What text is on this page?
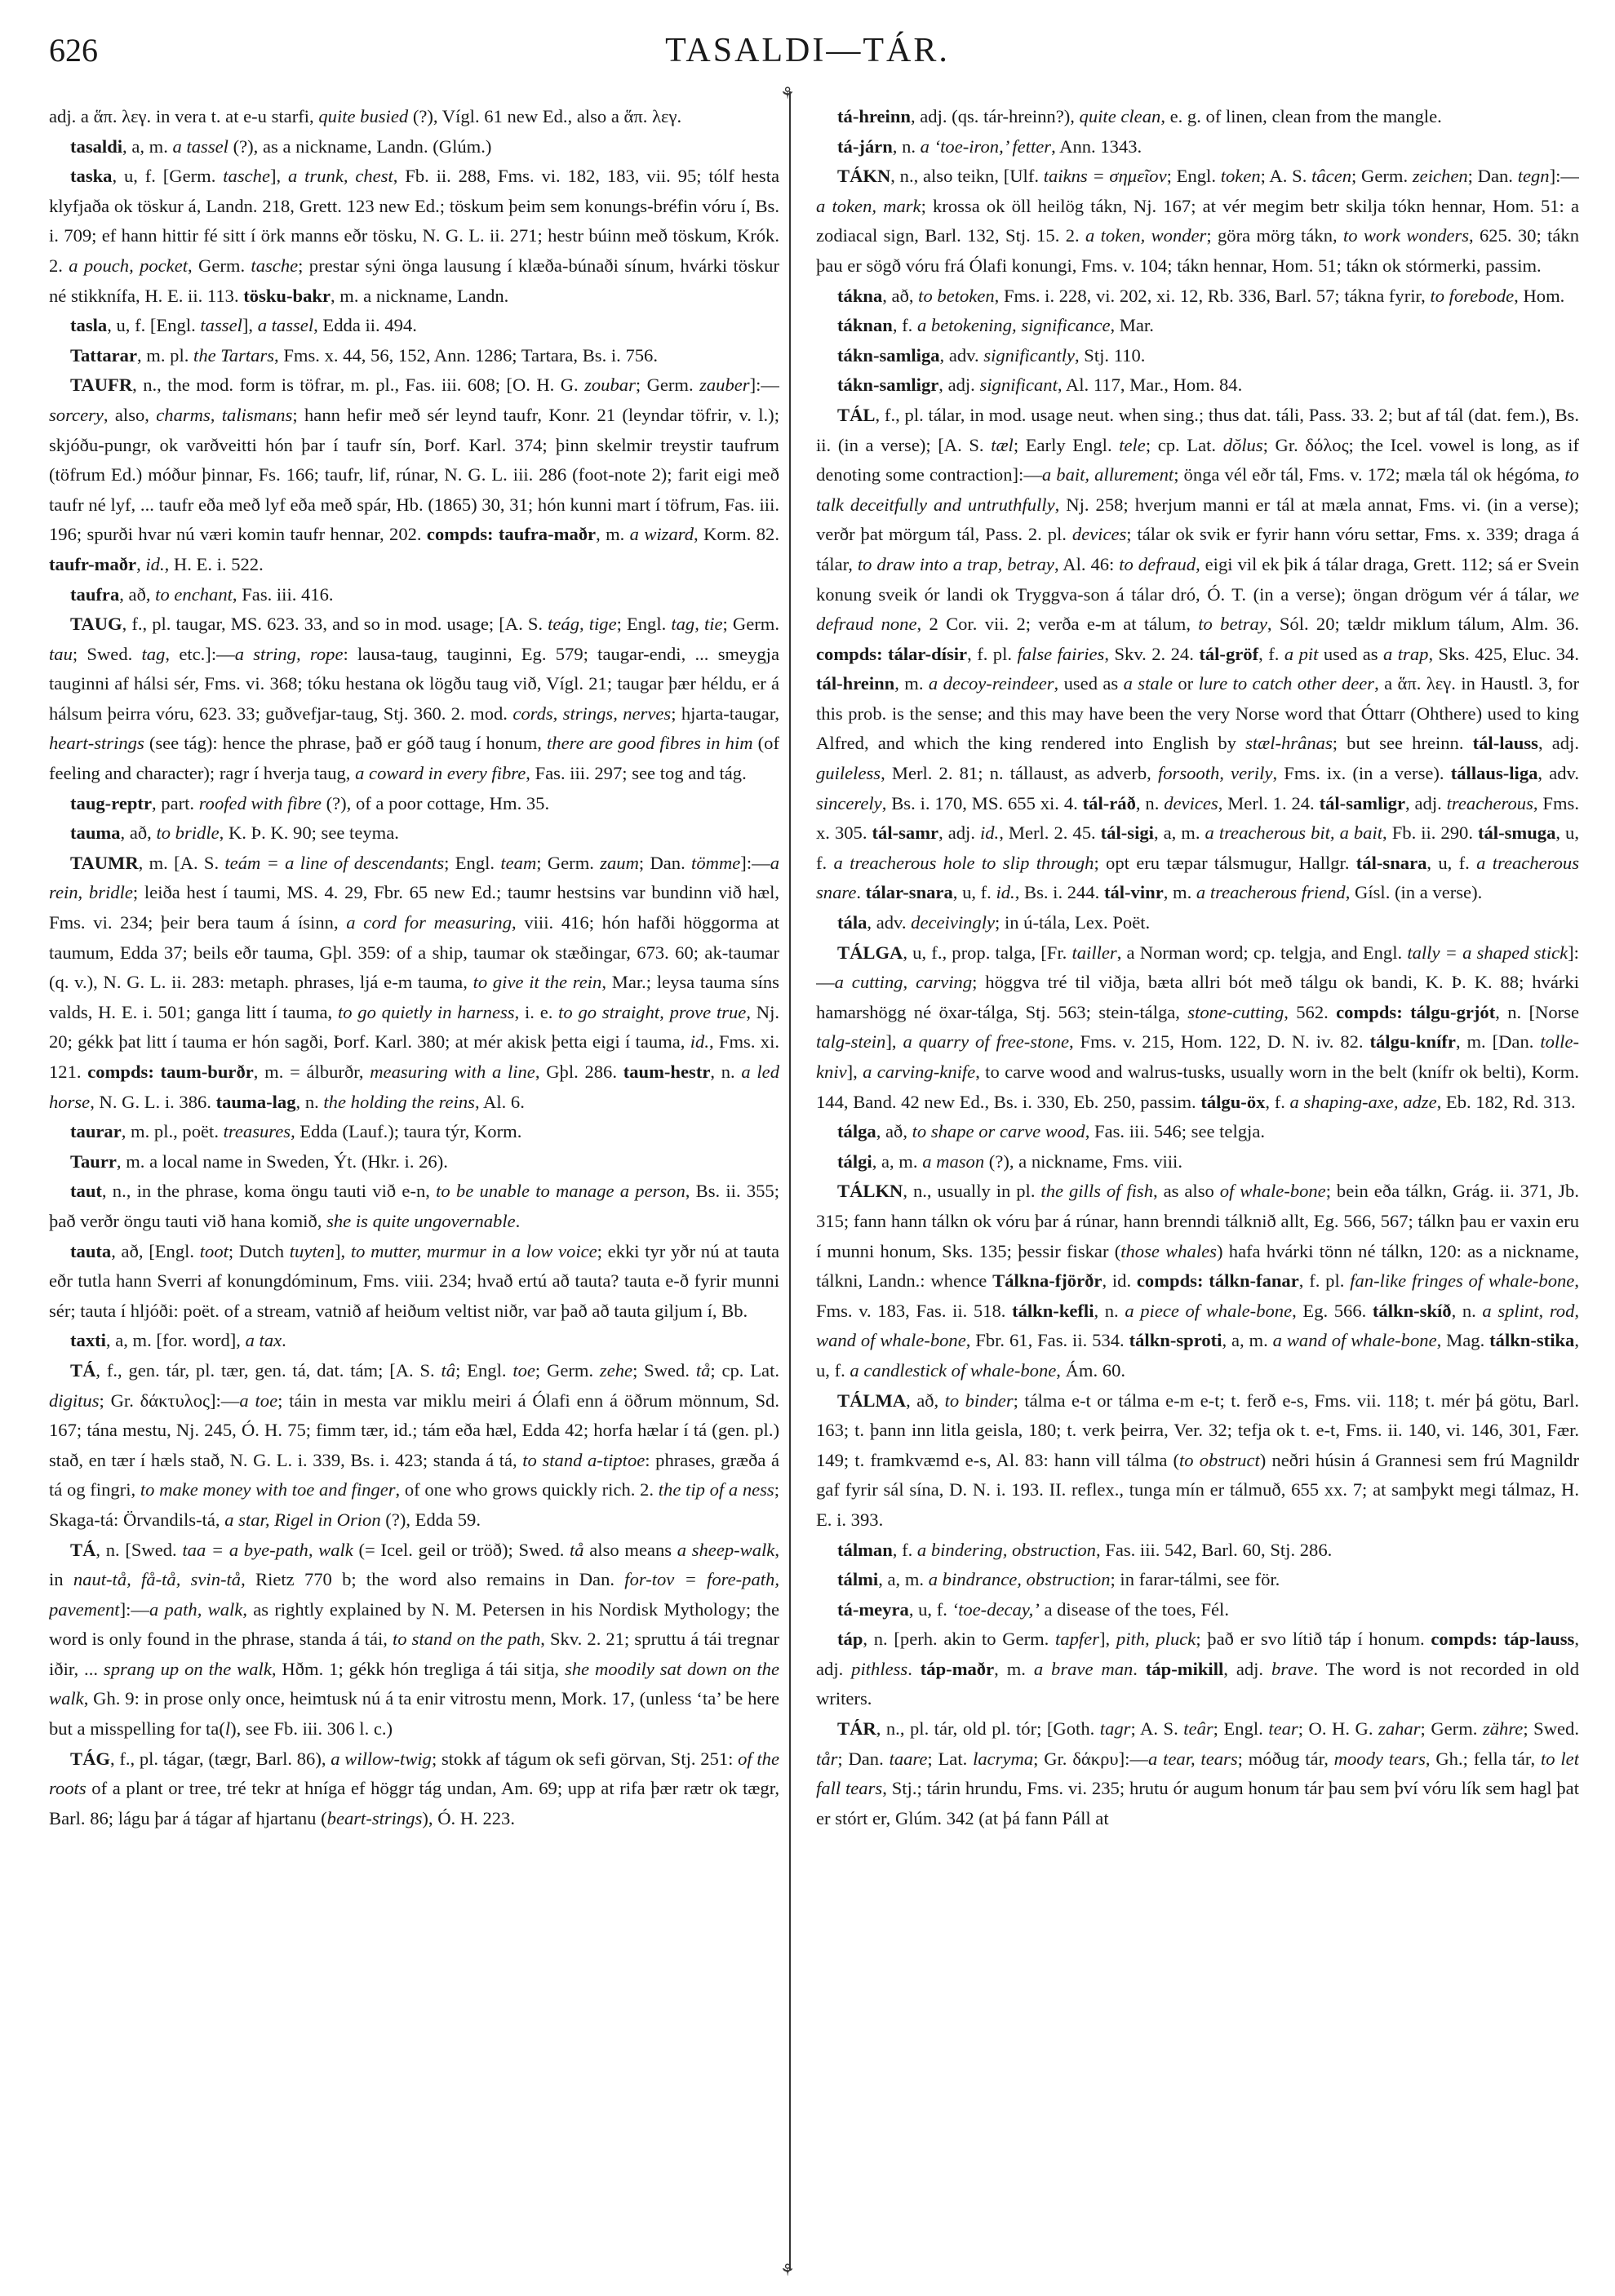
626	TASALDI—TÁR.
⚘
⚘

adj. a ἅπ. λεγ. in vera t. at e-u starfi, quite busied (?), Vígl. 61 new Ed., also a ἅπ. λεγ.

tasaldi, a, m. a tassel (?), as a nickname, Landn. (Glúm.)

taska, u, f. [Germ. tasche], a trunk, chest, Fb. ii. 288, Fms. vi. 182, 183, vii. 95; tólf hesta klyfjaða ok töskur á, Landn. 218, Grett. 123 new Ed.; töskum þeim sem konungs-bréfin vóru í, Bs. i. 709; ef hann hittir fé sitt í örk manns eðr tösku, N. G. L. ii. 271; hestr búinn með töskum, Krók. 2. a pouch, pocket, Germ. tasche; prestar sýni önga lausung í klæða-búnaði sínum, hvárki töskur né stikknífa, H. E. ii. 113. tösku-bakr, m. a nickname, Landn.

tasla, u, f. [Engl. tassel], a tassel, Edda ii. 494.

Tattarar, m. pl. the Tartars, Fms. x. 44, 56, 152, Ann. 1286; Tartara, Bs. i. 756.

TAUFR, n., the mod. form is töfrar, m. pl., Fas. iii. 608; [O. H. G. zoubar; Germ. zauber]:—sorcery, also, charms, talismans; hann hefir með sér leynd taufr, Konr. 21 (leyndar töfrir, v. l.); skjóðu-pungr, ok varðveitti hón þar í taufr sín, Þorf. Karl. 374; þinn skelmir treystir taufrum (töfrum Ed.) móður þinnar, Fs. 166; taufr, lif, rúnar, N. G. L. iii. 286 (foot-note 2); farit eigi með taufr né lyf, ... taufr eða með lyf eða með spár, Hb. (1865) 30, 31; hón kunni mart í töfrum, Fas. iii. 196; spurði hvar nú væri komin taufr hennar, 202. compds: taufra-maðr, m. a wizard, Korm. 82. taufr-maðr, id., H. E. i. 522.

taufra, að, to enchant, Fas. iii. 416.

TAUG, f., pl. taugar, MS. 623. 33, and so in mod. usage; [A. S. teág, tige; Engl. tag, tie; Germ. tau; Swed. tag, etc.]:—a string, rope: lausa-taug, tauginni, Eg. 579; taugar-endi, ... smeygja tauginni af hálsi sér, Fms. vi. 368; tóku hestana ok lögðu taug við, Vígl. 21; taugar þær héldu, er á hálsum þeirra vóru, 623. 33; guðvefjar-taug, Stj. 360. 2. mod. cords, strings, nerves; hjarta-taugar, heart-strings (see tág): hence the phrase, það er góð taug í honum, there are good fibres in him (of feeling and character); ragr í hverja taug, a coward in every fibre, Fas. iii. 297; see tog and tág.

taug-reptr, part. roofed with fibre (?), of a poor cottage, Hm. 35.

tauma, að, to bridle, K. Þ. K. 90; see teyma.

TAUMR, m. [A. S. teám = a line of descendants; Engl. team; Germ. zaum; Dan. tömme]:—a rein, bridle; leiða hest í taumi, MS. 4. 29, Fbr. 65 new Ed.; taumr hestsins var bundinn við hæl, Fms. vi. 234; þeir bera taum á ísinn, a cord for measuring, viii. 416; hón hafði höggorma at taumum, Edda 37; beils eðr tauma, Gþl. 359: of a ship, taumar ok stæðingar, 673. 60; ak-taumar (q. v.), N. G. L. ii. 283: metaph. phrases, ljá e-m tauma, to give it the rein, Mar.; leysa tauma síns valds, H. E. i. 501; ganga litt í tauma, to go quietly in harness, i. e. to go straight, prove true, Nj. 20; gékk þat litt í tauma er hón sagði, Þorf. Karl. 380; at mér akisk þetta eigi í tauma, id., Fms. xi. 121. compds: taum-burðr, m. = álburðr, measuring with a line, Gþl. 286. taum-hestr, n. a led horse, N. G. L. i. 386. tauma-lag, n. the holding the reins, Al. 6.

taurar, m. pl., poët. treasures, Edda (Lauf.); taura týr, Korm.

Taurr, m. a local name in Sweden, Ýt. (Hkr. i. 26).

taut, n., in the phrase, koma öngu tauti við e-n, to be unable to manage a person, Bs. ii. 355; það verðr öngu tauti við hana komið, she is quite ungovernable.

tauta, að, [Engl. toot; Dutch tuyten], to mutter, murmur in a low voice; ekki tyr yðr nú at tauta eðr tutla hann Sverri af konungdóminum, Fms. viii. 234; hvað ertú að tauta? tauta e-ð fyrir munni sér; tauta í hljóði: poët. of a stream, vatnið af heiðum veltist niðr, var það að tauta giljum í, Bb.

taxti, a, m. [for. word], a tax.

TÁ, f., gen. tár, pl. tær, gen. tá, dat. tám; [A. S. tâ; Engl. toe; Germ. zehe; Swed. tå; cp. Lat. digitus; Gr. δάκτυλος]:—a toe; táin in mesta var miklu meiri á Ólafi enn á öðrum mönnum, Sd. 167; tána mestu, Nj. 245, Ó. H. 75; fimm tær, id.; tám eða hæl, Edda 42; horfa hælar í tá (gen. pl.) stað, en tær í hæls stað, N. G. L. i. 339, Bs. i. 423; standa á tá, to stand a-tiptoe: phrases, græða á tá og fingri, to make money with toe and finger, of one who grows quickly rich. 2. the tip of a ness; Skaga-tá: Örvandils-tá, a star, Rigel in Orion (?), Edda 59.

TÁ, n. [Swed. taa = a bye-path, walk (= Icel. geil or tröð); Swed. tå also means a sheep-walk, in naut-tå, få-tå, svin-tå, Rietz 770 b; the word also remains in Dan. for-tov = fore-path, pavement]:—a path, walk, as rightly explained by N. M. Petersen in his Nordisk Mythology; the word is only found in the phrase, standa á tái, to stand on the path, Skv. 2. 21; spruttu á tái tregnar iðir, ... sprang up on the walk, Hðm. 1; gékk hón tregliga á tái sitja, she moodily sat down on the walk, Gh. 9: in prose only once, heimtusk nú á ta enir vitrostu menn, Mork. 17, (unless ‘ta’ be here but a misspelling for ta(l), see Fb. iii. 306 l. c.)

TÁG, f., pl. tágar, (tægr, Barl. 86), a willow-twig; stokk af tágum ok sefi görvan, Stj. 251: of the roots of a plant or tree, tré tekr at hníga ef höggr tág undan, Am. 69; upp at rifa þær rætr ok tægr, Barl. 86; lágu þar á tágar af hjartanu (beart-strings), Ó. H. 223.

tá-hreinn, adj. (qs. tár-hreinn?), quite clean, e. g. of linen, clean from the mangle.

tá-járn, n. a ‘toe-iron,’ fetter, Ann. 1343.

TÁKN, n., also teikn, [Ulf. taikns = σημεῖον; Engl. token; A. S. tâcen; Germ. zeichen; Dan. tegn]:—a token, mark; krossa ok öll heilög tákn, Nj. 167; at vér megim betr skilja tókn hennar, Hom. 51: a zodiacal sign, Barl. 132, Stj. 15. 2. a token, wonder; göra mörg tákn, to work wonders, 625. 30; tákn þau er sögð vóru frá Ólafi konungi, Fms. v. 104; tákn hennar, Hom. 51; tákn ok stórmerki, passim.

tákna, að, to betoken, Fms. i. 228, vi. 202, xi. 12, Rb. 336, Barl. 57; tákna fyrir, to forebode, Hom.

táknan, f. a betokening, significance, Mar.

tákn-samliga, adv. significantly, Stj. 110.

tákn-samligr, adj. significant, Al. 117, Mar., Hom. 84.

TÁL, f., pl. tálar, in mod. usage neut. when sing.; thus dat. táli, Pass. 33. 2; but af tál (dat. fem.), Bs. ii. (in a verse); [A. S. tæl; Early Engl. tele; cp. Lat. dŏlus; Gr. δόλος; the Icel. vowel is long, as if denoting some contraction]:—a bait, allurement; önga vél eðr tál, Fms. v. 172; mæla tál ok hégóma, to talk deceitfully and untruthfully, Nj. 258; hverjum manni er tál at mæla annat, Fms. vi. (in a verse); verðr þat mörgum tál, Pass. 2. pl. devices; tálar ok svik er fyrir hann vóru settar, Fms. x. 339; draga á tálar, to draw into a trap, betray, Al. 46: to defraud, eigi vil ek þik á tálar draga, Grett. 112; sá er Svein konung sveik ór landi ok Tryggva-son á tálar dró, Ó. T. (in a verse); öngan drögum vér á tálar, we defraud none, 2 Cor. vii. 2; verða e-m at tálum, to betray, Sól. 20; tældr miklum tálum, Alm. 36. compds: tálar-dísir, f. pl. false fairies, Skv. 2. 24. tál-gröf, f. a pit used as a trap, Sks. 425, Eluc. 34. tál-hreinn, m. a decoy-reindeer, used as a stale or lure to catch other deer, a ἅπ. λεγ. in Haustl. 3, for this prob. is the sense; and this may have been the very Norse word that Óttarr (Ohthere) used to king Alfred, and which the king rendered into English by stæl-hrânas; but see hreinn. tál-lauss, adj. guileless, Merl. 2. 81; n. tállaust, as adverb, forsooth, verily, Fms. ix. (in a verse). tállaus-liga, adv. sincerely, Bs. i. 170, MS. 655 xi. 4. tál-ráð, n. devices, Merl. 1. 24. tál-samligr, adj. treacherous, Fms. x. 305. tál-samr, adj. id., Merl. 2. 45. tál-sigi, a, m. a treacherous bit, a bait, Fb. ii. 290. tál-smuga, u, f. a treacherous hole to slip through; opt eru tæpar tálsmugur, Hallgr. tál-snara, u, f. a treacherous snare. tálar-snara, u, f. id., Bs. i. 244. tál-vinr, m. a treacherous friend, Gísl. (in a verse).

tála, adv. deceivingly; in ú-tála, Lex. Poët.

TÁLGA, u, f., prop. talga, [Fr. tailler, a Norman word; cp. telgja, and Engl. tally = a shaped stick]:—a cutting, carving; höggva tré til viðja, bæta allri bót með tálgu ok bandi, K. Þ. K. 88; hvárki hamarshögg né öxar-tálga, Stj. 563; stein-tálga, stone-cutting, 562. compds: tálgu-grjót, n. [Norse talg-stein], a quarry of free-stone, Fms. v. 215, Hom. 122, D. N. iv. 82. tálgu-knífr, m. [Dan. tolle-kniv], a carving-knife, to carve wood and walrus-tusks, usually worn in the belt (knífr ok belti), Korm. 144, Band. 42 new Ed., Bs. i. 330, Eb. 250, passim. tálgu-öx, f. a shaping-axe, adze, Eb. 182, Rd. 313.

tálga, að, to shape or carve wood, Fas. iii. 546; see telgja.

tálgi, a, m. a mason (?), a nickname, Fms. viii.

TÁLKN, n., usually in pl. the gills of fish, as also of whale-bone; bein eða tálkn, Grág. ii. 371, Jb. 315; fann hann tálkn ok vóru þar á rúnar, hann brenndi tálknið allt, Eg. 566, 567; tálkn þau er vaxin eru í munni honum, Sks. 135; þessir fiskar (those whales) hafa hvárki tönn né tálkn, 120: as a nickname, tálkni, Landn.: whence Tálkna-fjörðr, id. compds: tálkn-fanar, f. pl. fan-like fringes of whale-bone, Fms. v. 183, Fas. ii. 518. tálkn-kefli, n. a piece of whale-bone, Eg. 566. tálkn-skíð, n. a splint, rod, wand of whale-bone, Fbr. 61, Fas. ii. 534. tálkn-sproti, a, m. a wand of whale-bone, Mag. tálkn-stika, u, f. a candlestick of whale-bone, Ám. 60.

TÁLMA, að, to binder; tálma e-t or tálma e-m e-t; t. ferð e-s, Fms. vii. 118; t. mér þá götu, Barl. 163; t. þann inn litla geisla, 180; t. verk þeirra, Ver. 32; tefja ok t. e-t, Fms. ii. 140, vi. 146, 301, Fær. 149; t. framkvæmd e-s, Al. 83: hann vill tálma (to obstruct) neðri húsin á Grannesi sem frú Magnildr gaf fyrir sál sína, D. N. i. 193. II. reflex., tunga mín er tálmuð, 655 xx. 7; at samþykt megi tálmaz, H. E. i. 393.

tálman, f. a bindering, obstruction, Fas. iii. 542, Barl. 60, Stj. 286.

tálmi, a, m. a bindrance, obstruction; in farar-tálmi, see för.

tá-meyra, u, f. ‘toe-decay,’ a disease of the toes, Fél.

táp, n. [perh. akin to Germ. tapfer], pith, pluck; það er svo lítið táp í honum. compds: táp-lauss, adj. pithless. táp-maðr, m. a brave man. táp-mikill, adj. brave. The word is not recorded in old writers.

TÁR, n., pl. tár, old pl. tór; [Goth. tagr; A. S. teâr; Engl. tear; O. H. G. zahar; Germ. zähre; Swed. tår; Dan. taare; Lat. lacryma; Gr. δάκρυ]:—a tear, tears; móðug tár, moody tears, Gh.; fella tár, to let fall tears, Stj.; tárin hrundu, Fms. vi. 235; hrutu ór augum honum tár þau sem því vóru lík sem hagl þat er stórt er, Glúm. 342 (at þá fann Páll at
